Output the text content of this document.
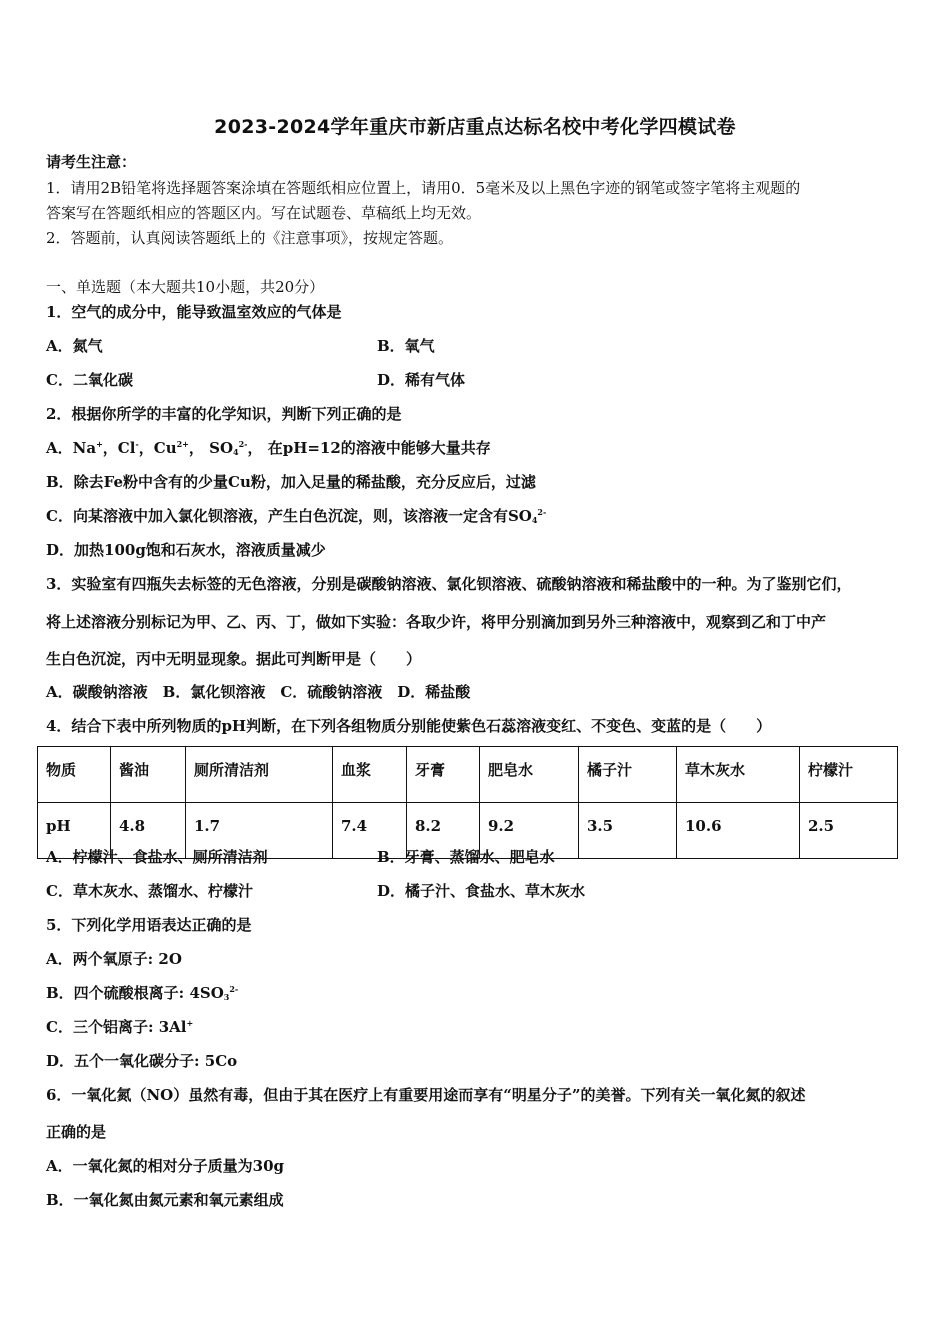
2023-2024学年重庆市新店重点达标名校中考化学四模试卷
请考生注意：
1．请用2B铅笔将选择题答案涂填在答题纸相应位置上，请用0．5毫米及以上黑色字迹的钢笔或签字笔将主观题的
答案写在答题纸相应的答题区内。写在试题卷、草稿纸上均无效。
2．答题前，认真阅读答题纸上的《注意事项》，按规定答题。
一、单选题（本大题共10小题，共20分）
1．空气的成分中，能导致温室效应的气体是
A．氮气	B．氧气
C．二氧化碳	D．稀有气体
2．根据你所学的丰富的化学知识，判断下列正确的是
A．Na+，Cl-，$Cu^{2+}$， $SO_4^{2-}$， 在pH=12的溶液中能够大量共存
B．除去Fe粉中含有的少量Cu粉，加入足量的稀盐酸，充分反应后，过滤
C．向某溶液中加入氯化钡溶液，产生白色沉淀，则，该溶液一定含有$SO_4^{2-}$
D．加热100g饱和石灰水，溶液质量减少
3．实验室有四瓶失去标签的无色溶液，分别是碳酸钠溶液、氯化钡溶液、硫酸钠溶液和稀盐酸中的一种。为了鉴别它们，
将上述溶液分别标记为甲、乙、丙、丁，做如下实验：各取少许，将甲分别滴加到另外三种溶液中，观察到乙和丁中产
生白色沉淀，丙中无明显现象。据此可判断甲是（　　）
A．碳酸钠溶液　B．氯化钡溶液　C．硫酸钠溶液　D．稀盐酸
4．结合下表中所列物质的pH判断，在下列各组物质分别能使紫色石蕊溶液变红、不变色、变蓝的是（　　）
物质	酱油	厕所清洁剂	血浆	牙膏	肥皂水	橘子汁	草木灰水	柠檬汁
pH	4.8	1.7	7.4	8.2	9.2	3.5	10.6	2.5
A．柠檬汁、食盐水、厕所清洁剂	B．牙膏、蒸馏水、肥皂水
C．草木灰水、蒸馏水、柠檬汁	D．橘子汁、食盐水、草木灰水
5．下列化学用语表达正确的是
A．两个氧原子: 2O
B．四个硫酸根离子: $4SO_3^{2-}$
C．三个铝离子: 3Al+
D．五个一氧化碳分子: 5Co
6．一氧化氮（NO）虽然有毒，但由于其在医疗上有重要用途而享有“明星分子”的美誉。下列有关一氧化氮的叙述
正确的是
A．一氧化氮的相对分子质量为30g
B．一氧化氮由氮元素和氧元素组成
